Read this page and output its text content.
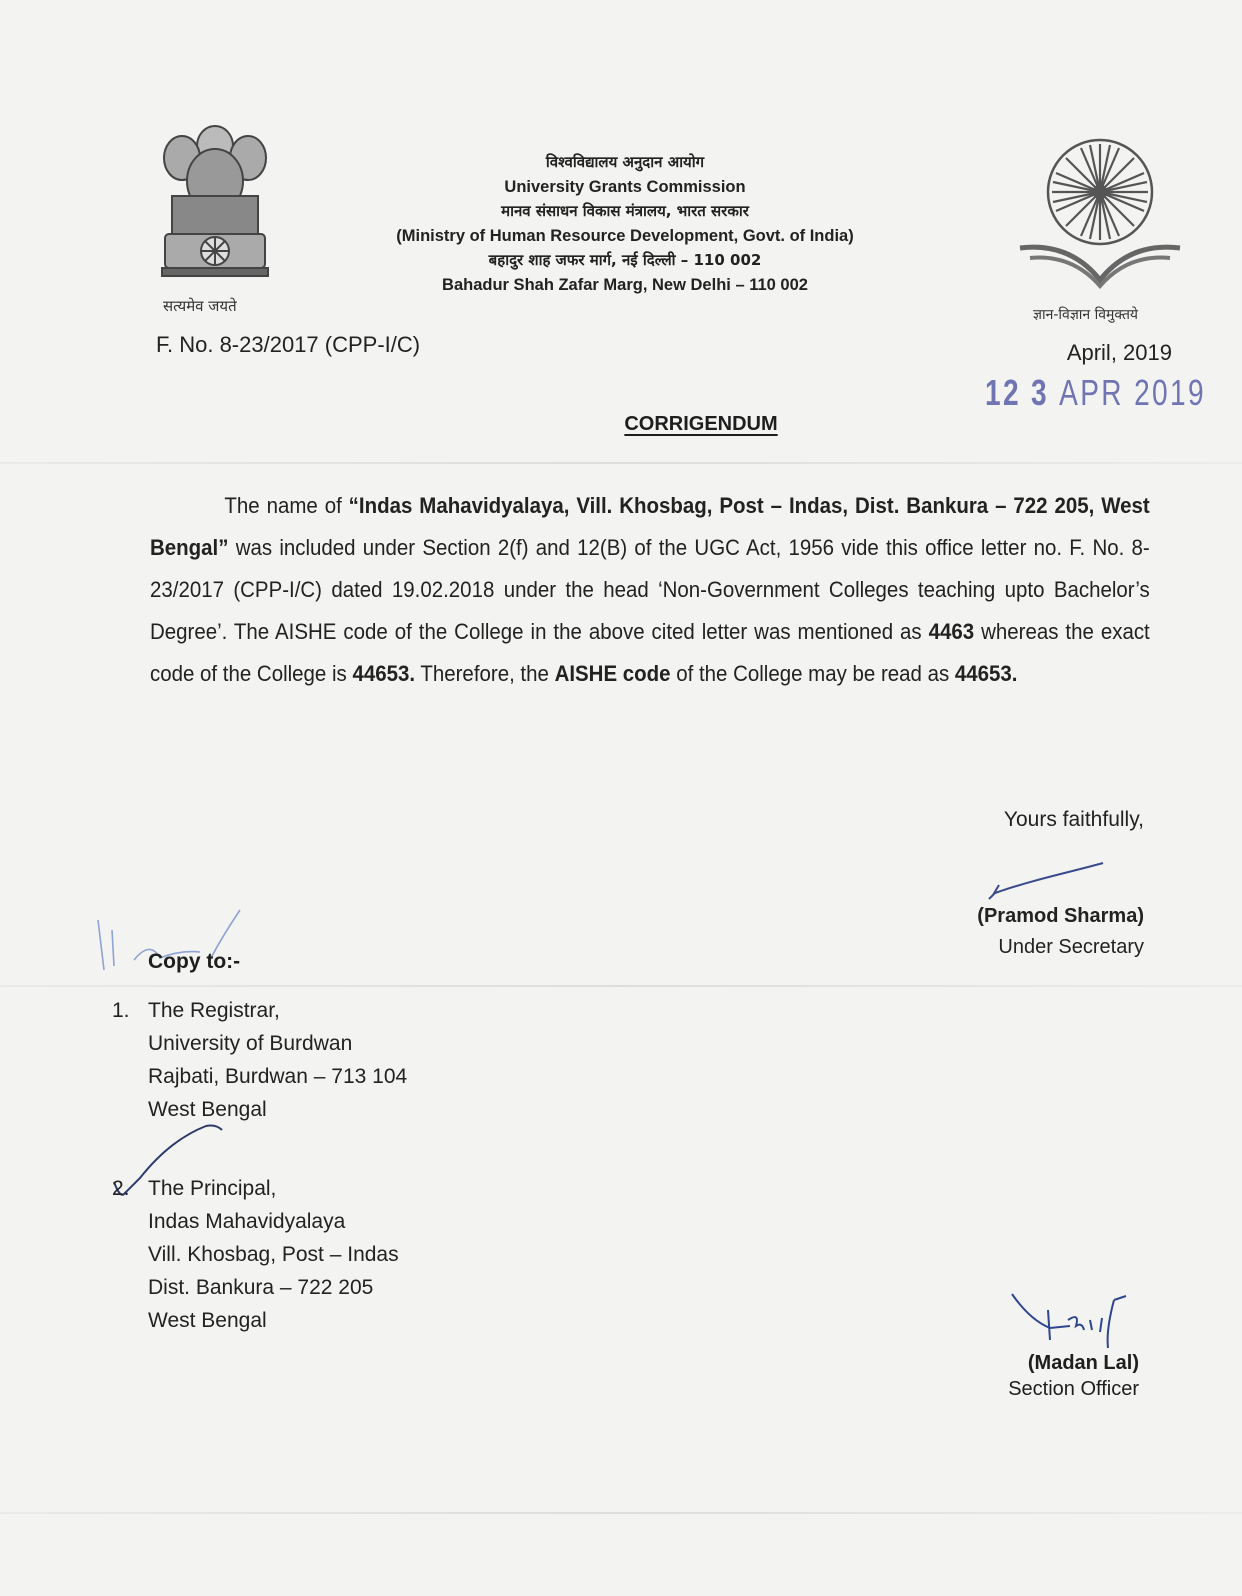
सत्यमेव जयते
विश्वविद्यालय अनुदान आयोग
University Grants Commission
मानव संसाधन विकास मंत्रालय, भारत सरकार
(Ministry of Human Resource Development, Govt. of India)
बहादुर शाह जफर मार्ग, नई दिल्ली – 110 002
Bahadur Shah Zafar Marg, New Delhi – 110 002
ज्ञान-विज्ञान विमुक्तये
F. No. 8-23/2017 (CPP-I/C)	April, 2019
12 3 APR 2019
CORRIGENDUM

The name of “Indas Mahavidyalaya, Vill. Khosbag, Post – Indas, Dist. Bankura – 722 205, West Bengal” was included under Section 2(f) and 12(B) of the UGC Act, 1956 vide this office letter no. F. No. 8-23/2017 (CPP-I/C) dated 19.02.2018 under the head ‘Non-Government Colleges teaching upto Bachelor’s Degree’. The AISHE code of the College in the above cited letter was mentioned as 4463 whereas the exact code of the College is 44653. Therefore, the AISHE code of the College may be read as 44653.

Yours faithfully,
(Pramod Sharma)
Under Secretary
Copy to:-
1. The Registrar,
University of Burdwan
Rajbati, Burdwan – 713 104
West Bengal
2. The Principal,
Indas Mahavidyalaya
Vill. Khosbag, Post – Indas
Dist. Bankura – 722 205
West Bengal
(Madan Lal)
Section Officer
